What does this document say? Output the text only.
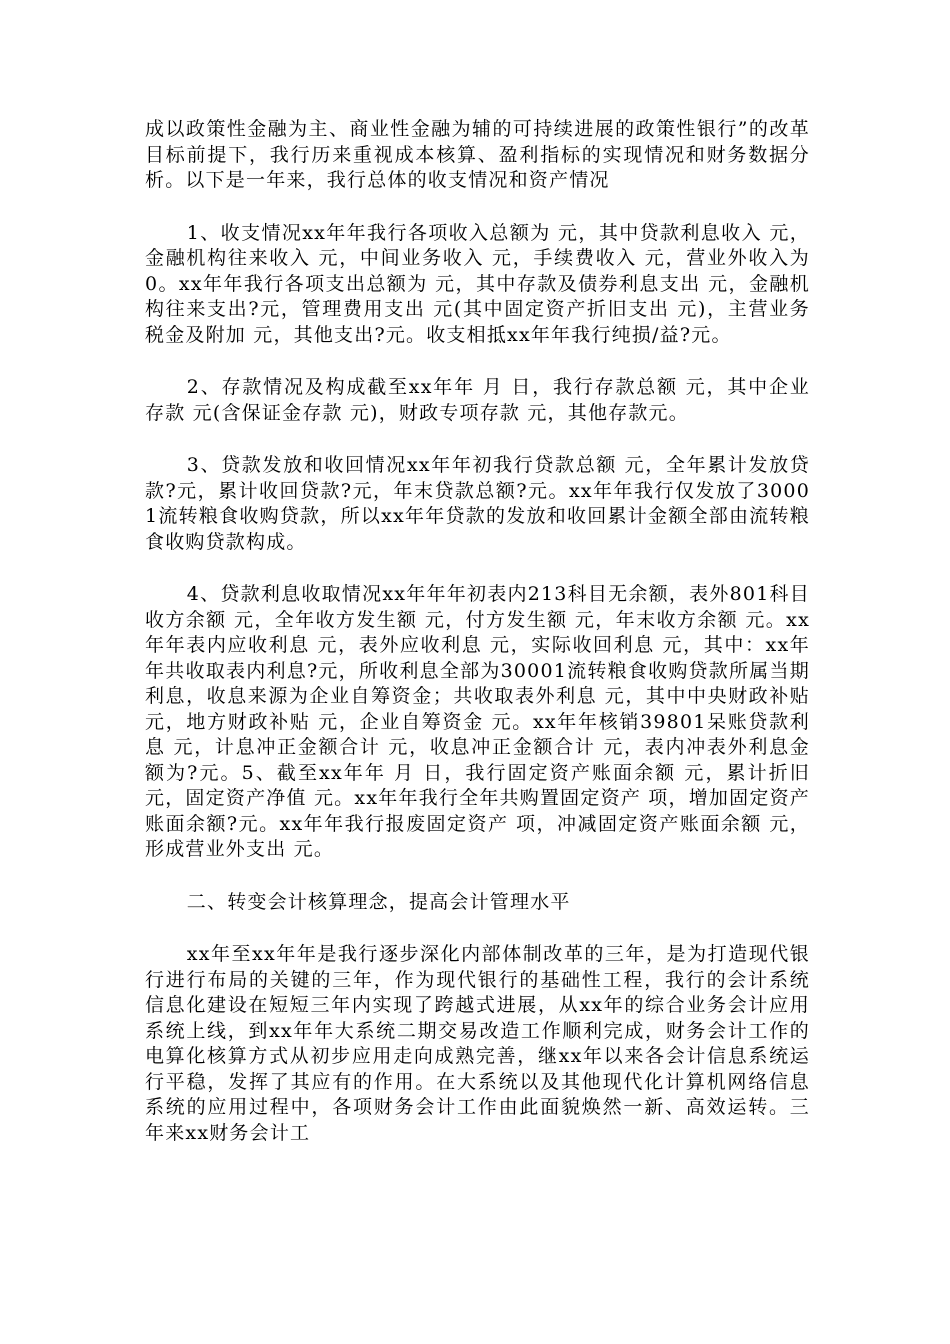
成以政策性金融为主、商业性金融为辅的可持续进展的政策性银行”的改革目标前提下，我行历来重视成本核算、盈利指标的实现情况和财务数据分析。以下是一年来，我行总体的收支情况和资产情况

1、收支情况xx年年我行各项收入总额为 元，其中贷款利息收入 元，金融机构往来收入 元，中间业务收入 元，手续费收入 元，营业外收入为0。xx年年我行各项支出总额为 元，其中存款及债券利息支出 元，金融机构往来支出?元，管理费用支出 元(其中固定资产折旧支出 元)，主营业务税金及附加 元，其他支出?元。收支相抵xx年年我行纯损/益?元。

2、存款情况及构成截至xx年年 月 日，我行存款总额 元，其中企业存款 元(含保证金存款 元)，财政专项存款 元，其他存款元。

3、贷款发放和收回情况xx年年初我行贷款总额 元，全年累计发放贷款?元，累计收回贷款?元，年末贷款总额?元。xx年年我行仅发放了30001流转粮食收购贷款，所以xx年年贷款的发放和收回累计金额全部由流转粮食收购贷款构成。

4、贷款利息收取情况xx年年年初表内213科目无余额，表外801科目收方余额 元，全年收方发生额 元，付方发生额 元，年末收方余额 元。xx年年表内应收利息 元，表外应收利息 元，实际收回利息 元，其中：xx年年共收取表内利息?元，所收利息全部为30001流转粮食收购贷款所属当期利息，收息来源为企业自筹资金；共收取表外利息 元，其中中央财政补贴 元，地方财政补贴 元，企业自筹资金 元。xx年年核销39801呆账贷款利息 元，计息冲正金额合计 元，收息冲正金额合计 元，表内冲表外利息金额为?元。5、截至xx年年 月 日，我行固定资产账面余额 元，累计折旧 元，固定资产净值 元。xx年年我行全年共购置固定资产 项，增加固定资产账面余额?元。xx年年我行报废固定资产 项，冲减固定资产账面余额 元，形成营业外支出 元。

二、转变会计核算理念，提高会计管理水平

xx年至xx年年是我行逐步深化内部体制改革的三年，是为打造现代银行进行布局的关键的三年，作为现代银行的基础性工程，我行的会计系统信息化建设在短短三年内实现了跨越式进展，从xx年的综合业务会计应用系统上线，到xx年年大系统二期交易改造工作顺利完成，财务会计工作的电算化核算方式从初步应用走向成熟完善，继xx年以来各会计信息系统运行平稳，发挥了其应有的作用。在大系统以及其他现代化计算机网络信息系统的应用过程中，各项财务会计工作由此面貌焕然一新、高效运转。三年来xx财务会计工
